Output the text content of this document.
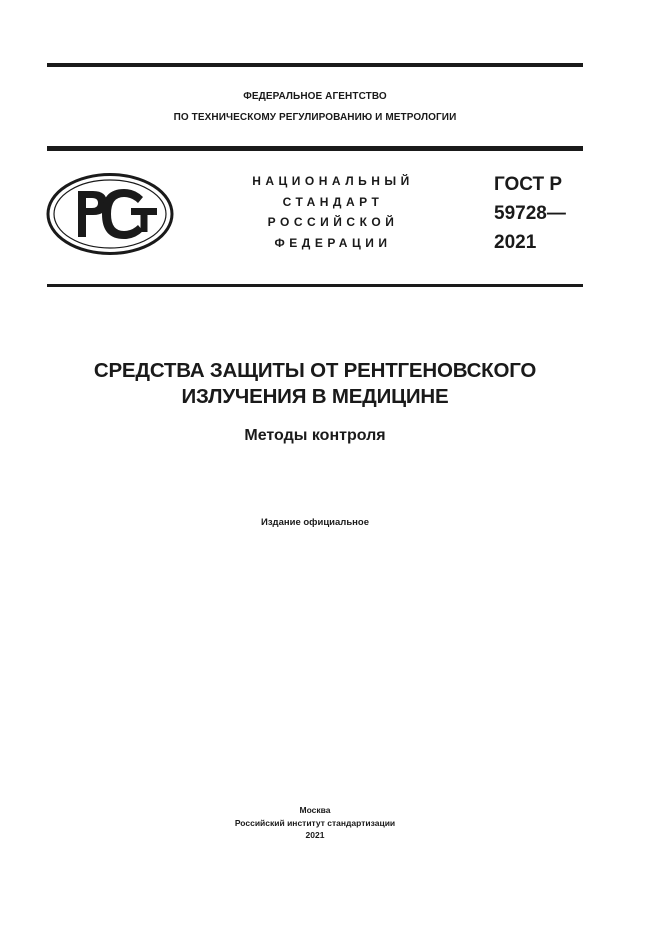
ФЕДЕРАЛЬНОЕ АГЕНТСТВО
ПО ТЕХНИЧЕСКОМУ РЕГУЛИРОВАНИЮ И МЕТРОЛОГИИ
НАЦИОНАЛЬНЫЙ
СТАНДАРТ
РОССИЙСКОЙ
ФЕДЕРАЦИИ
ГОСТ Р
59728—
2021
СРЕДСТВА ЗАЩИТЫ ОТ РЕНТГЕНОВСКОГО
ИЗЛУЧЕНИЯ В МЕДИЦИНЕ
Методы контроля
Издание официальное
Москва
Российский институт стандартизации
2021
